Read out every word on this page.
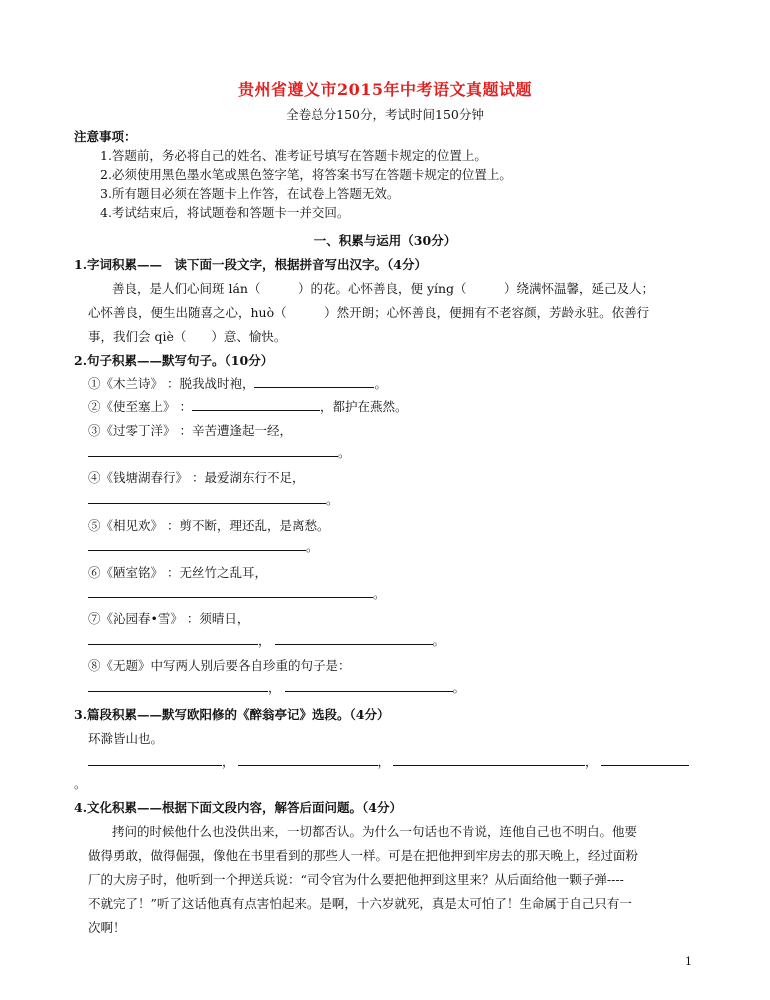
贵州省遵义市2015年中考语文真题试题
全卷总分150分，考试时间150分钟
注意事项：
1.答题前，务必将自己的姓名、准考证号填写在答题卡规定的位置上。
2.必须使用黑色墨水笔或黑色签字笔，将答案书写在答题卡规定的位置上。
3.所有题目必须在答题卡上作答，在试卷上答题无效。
4.考试结束后，将试题卷和答题卡一并交回。
一、积累与运用（30分）
1.字词积累——　读下面一段文字，根据拼音写出汉字。（4分）
善良，是人们心间斑 lán（　　　）的花。心怀善良，便 yíng（　　　）绕满怀温馨，延己及人；
心怀善良，便生出随喜之心，huò（　　　）然开朗；心怀善良，便拥有不老容颜，芳龄永驻。依善行
事，我们会 qiè（　　）意、愉快。
2.句子积累——默写句子。（10分）
①《木兰诗》 ：脱我战时袍，	。
②《使至塞上》 ：	，都护在燕然。
③《过零丁洋》 ：辛苦遭逢起一经，
。
④《钱塘湖春行》 ：最爱湖东行不足，
。
⑤《相见欢》 ：剪不断，理还乱，是离愁。
。
⑥《陋室铭》 ：无丝竹之乱耳，
。
⑦《沁园春•雪》 ：须晴日，
，	。
⑧《无题》中写两人别后要各自珍重的句子是：
，	。
3.篇段积累——默写欧阳修的《醉翁亭记》选段。（4分）
环滁皆山也。
，	，	，
。
4.文化积累——根据下面文段内容，解答后面问题。（4分）
拷问的时候他什么也没供出来，一切都否认。为什么一句话也不肯说，连他自己也不明白。他要
做得勇敢，做得倔强，像他在书里看到的那些人一样。可是在把他押到牢房去的那天晚上，经过面粉
厂的大房子时，他听到一个押送兵说：“司令官为什么要把他押到这里来？从后面给他一颗子弹----
不就完了！”听了这话他真有点害怕起来。是啊，十六岁就死，真是太可怕了！生命属于自己只有一
次啊！
1
